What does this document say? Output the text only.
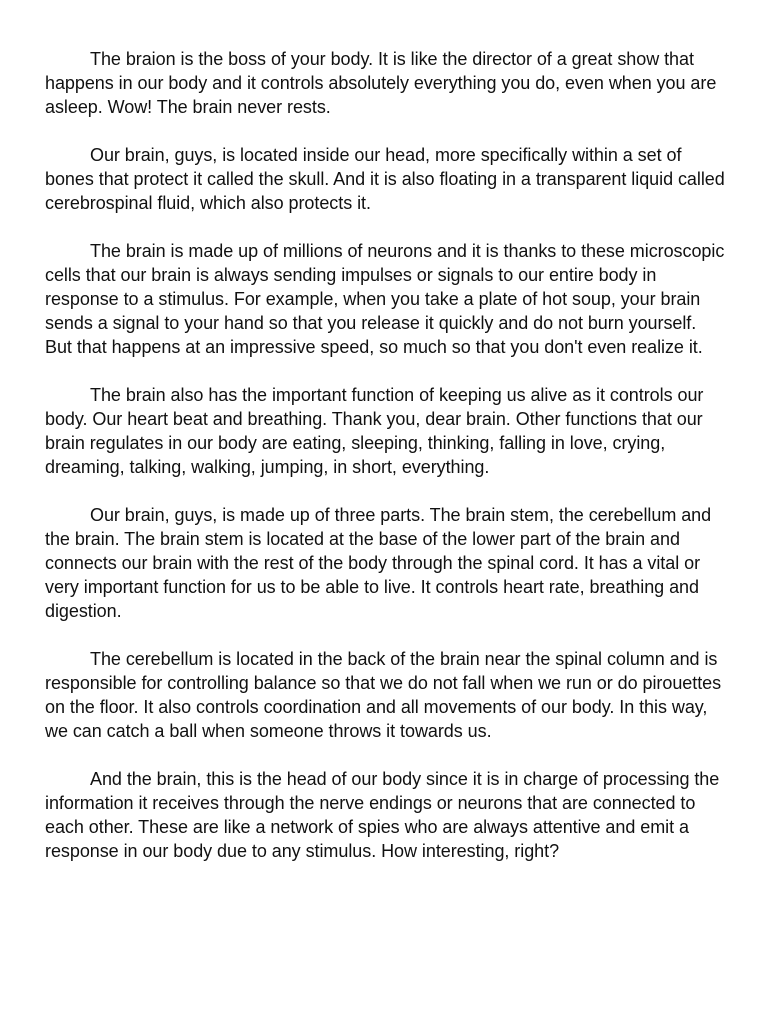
The braion is the boss of your body. It is like the director of a great show that happens in our body and it controls absolutely everything you do, even when you are asleep. Wow! The brain never rests.

Our brain, guys, is located inside our head, more specifically within a set of bones that protect it called the skull. And it is also floating in a transparent liquid called cerebrospinal fluid, which also protects it.

The brain is made up of millions of neurons and it is thanks to these microscopic cells that our brain is always sending impulses or signals to our entire body in response to a stimulus. For example, when you take a plate of hot soup, your brain sends a signal to your hand so that you release it quickly and do not burn yourself. But that happens at an impressive speed, so much so that you don't even realize it.

The brain also has the important function of keeping us alive as it controls our body. Our heart beat and breathing. Thank you, dear brain. Other functions that our brain regulates in our body are eating, sleeping, thinking, falling in love, crying, dreaming, talking, walking, jumping, in short, everything.

Our brain, guys, is made up of three parts. The brain stem, the cerebellum and the brain. The brain stem is located at the base of the lower part of the brain and connects our brain with the rest of the body through the spinal cord. It has a vital or very important function for us to be able to live. It controls heart rate, breathing and digestion.

The cerebellum is located in the back of the brain near the spinal column and is responsible for controlling balance so that we do not fall when we run or do pirouettes on the floor. It also controls coordination and all movements of our body. In this way, we can catch a ball when someone throws it towards us.

And the brain, this is the head of our body since it is in charge of processing the information it receives through the nerve endings or neurons that are connected to each other. These are like a network of spies who are always attentive and emit a response in our body due to any stimulus. How interesting, right?
